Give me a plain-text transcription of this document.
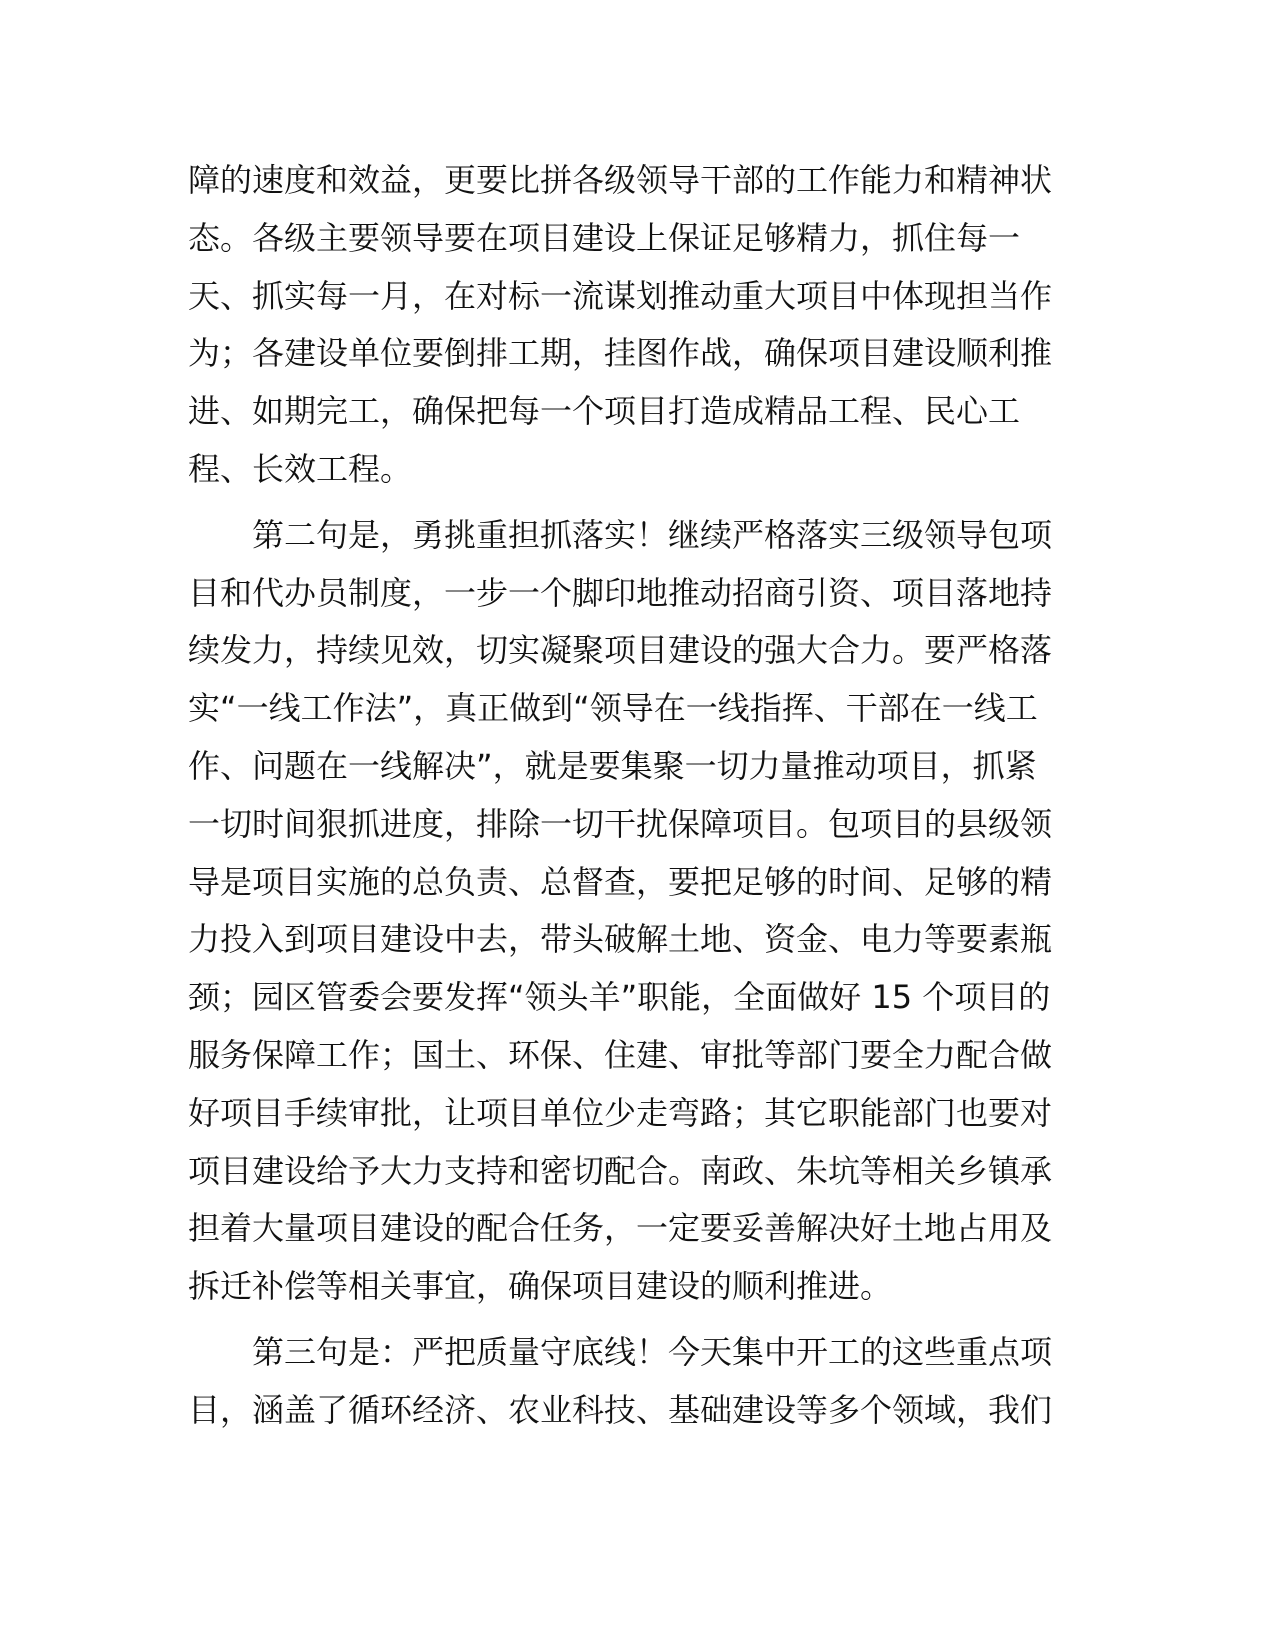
障的速度和效益，更要比拼各级领导干部的工作能力和精神状
态。各级主要领导要在项目建设上保证足够精力，抓住每一
天、抓实每一月，在对标一流谋划推动重大项目中体现担当作
为；各建设单位要倒排工期，挂图作战，确保项目建设顺利推
进、如期完工，确保把每一个项目打造成精品工程、民心工
程、长效工程。
第二句是，勇挑重担抓落实！继续严格落实三级领导包项
目和代办员制度，一步一个脚印地推动招商引资、项目落地持
续发力，持续见效，切实凝聚项目建设的强大合力。要严格落
实“一线工作法”，真正做到“领导在一线指挥、干部在一线工
作、问题在一线解决”，就是要集聚一切力量推动项目，抓紧
一切时间狠抓进度，排除一切干扰保障项目。包项目的县级领
导是项目实施的总负责、总督查，要把足够的时间、足够的精
力投入到项目建设中去，带头破解土地、资金、电力等要素瓶
颈；园区管委会要发挥“领头羊”职能，全面做好 15 个项目的
服务保障工作；国土、环保、住建、审批等部门要全力配合做
好项目手续审批，让项目单位少走弯路；其它职能部门也要对
项目建设给予大力支持和密切配合。南政、朱坑等相关乡镇承
担着大量项目建设的配合任务，一定要妥善解决好土地占用及
拆迁补偿等相关事宜，确保项目建设的顺利推进。
第三句是：严把质量守底线！今天集中开工的这些重点项
目，涵盖了循环经济、农业科技、基础建设等多个领域，我们
